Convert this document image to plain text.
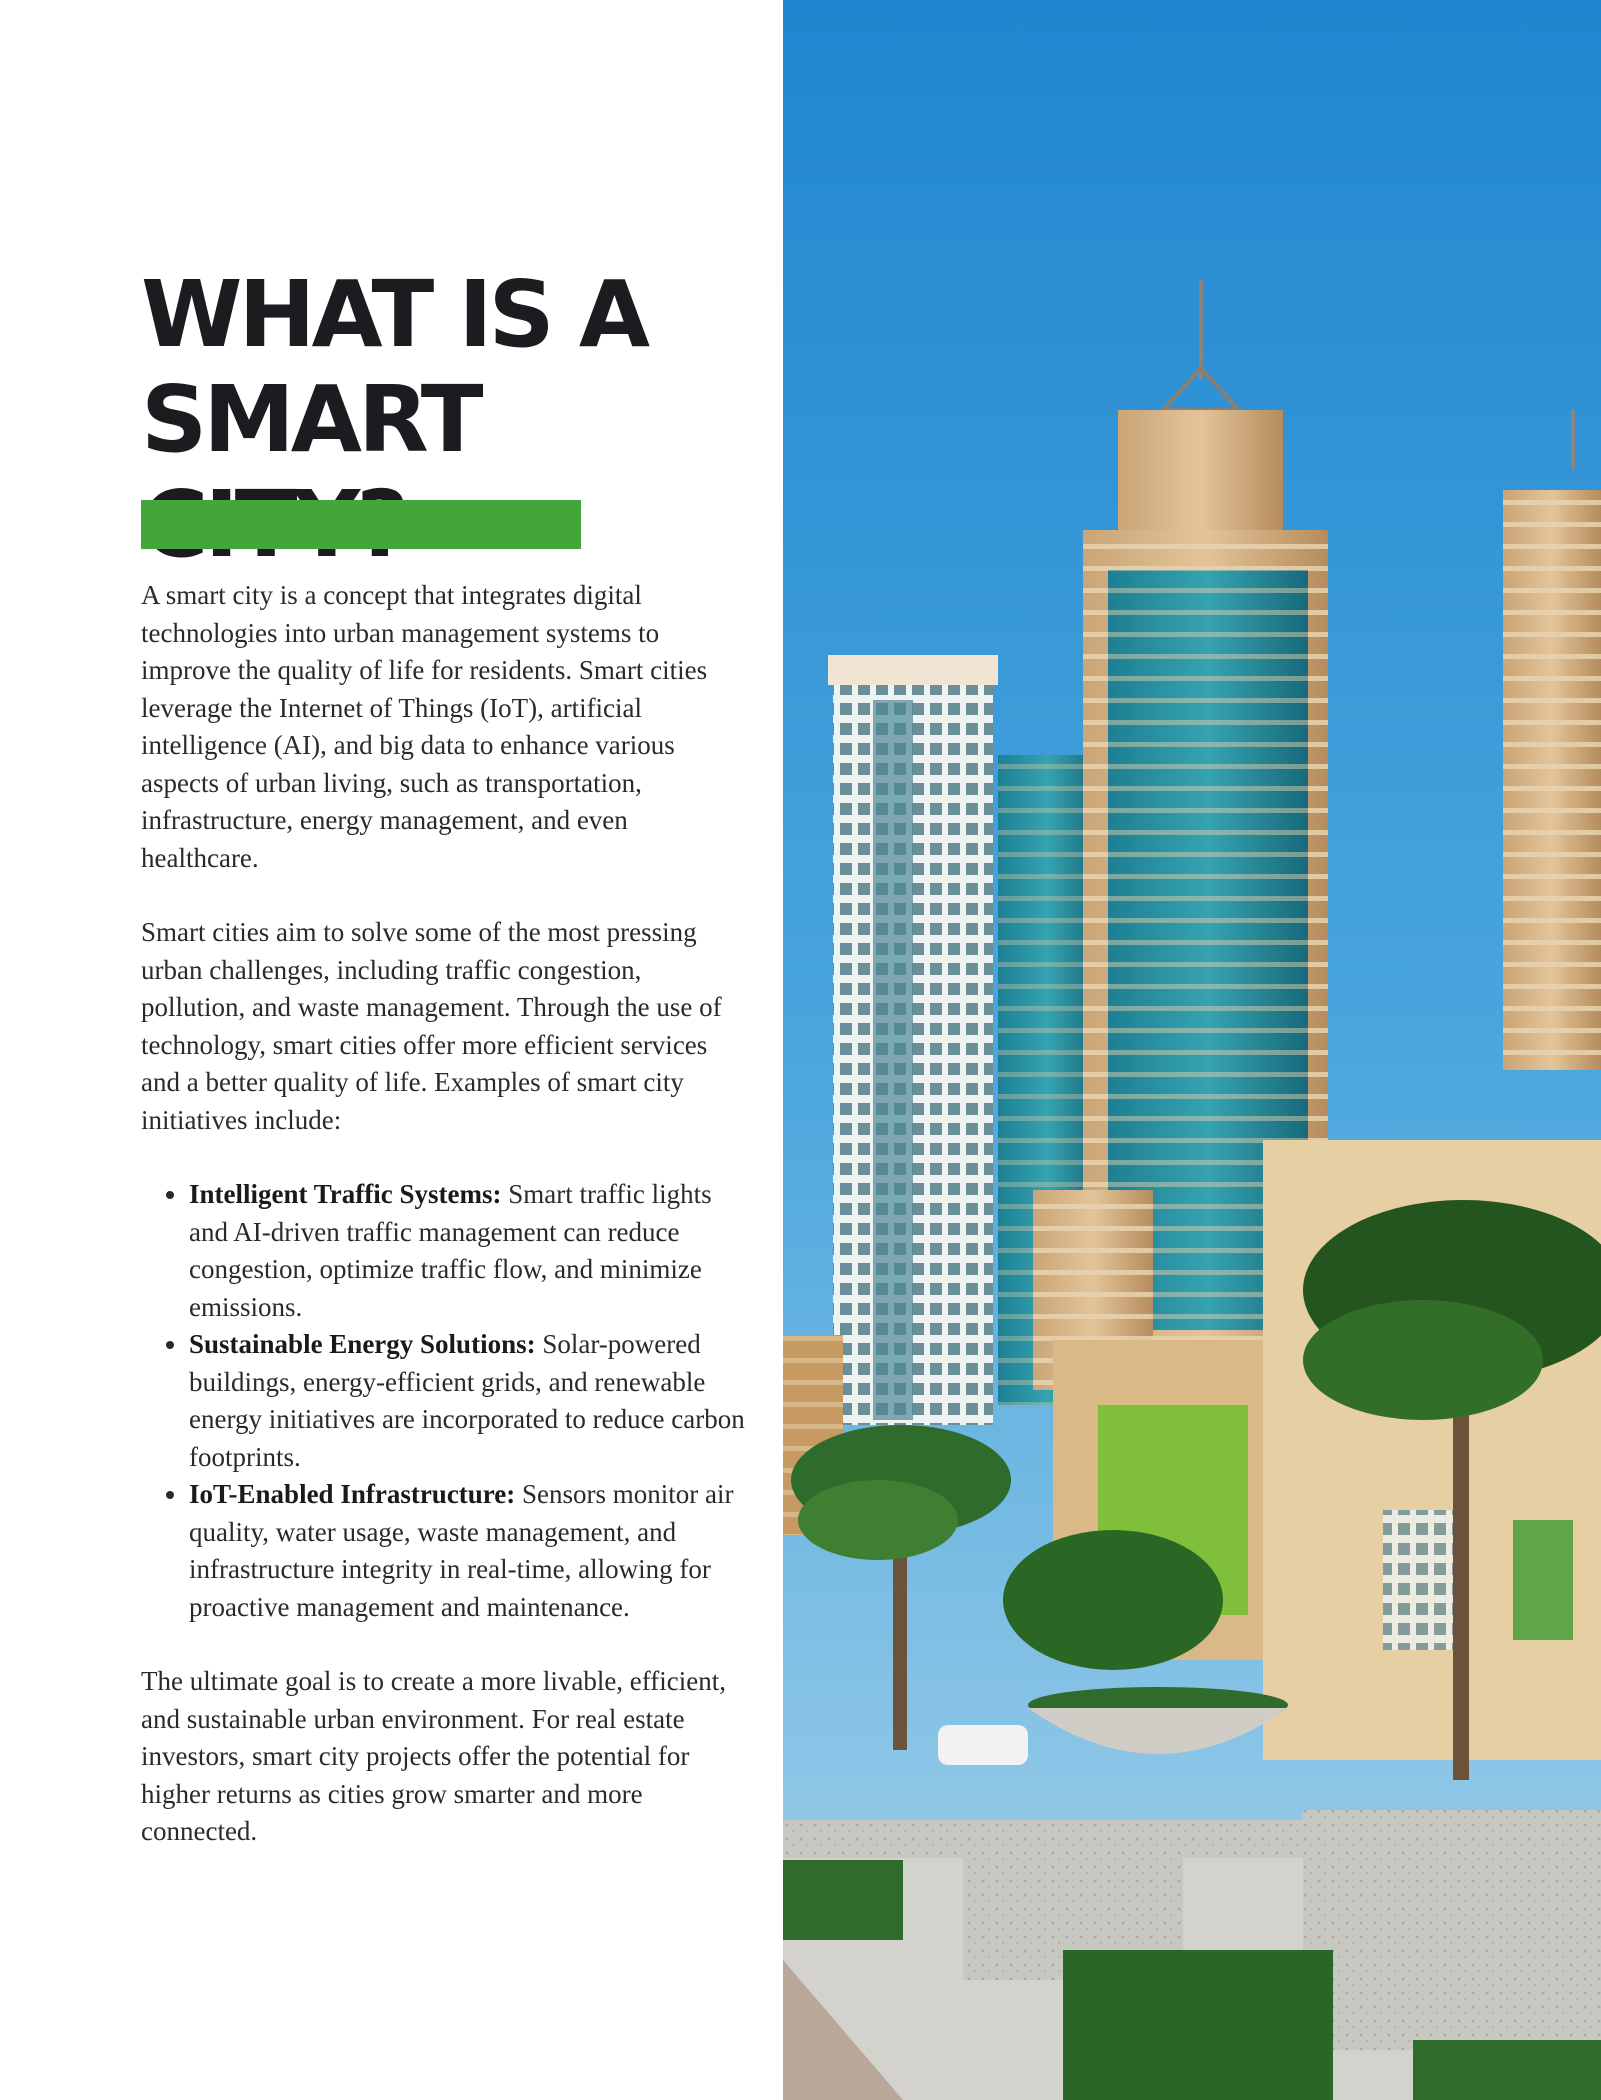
WHAT IS A
SMART

A smart city is a concept that integrates digital technologies into urban management systems to improve the quality of life for residents. Smart cities leverage the Internet of Things (IoT), artificial intelligence (AI), and big data to enhance various aspects of urban living, such as transportation, infrastructure, energy management, and even healthcare.

Smart cities aim to solve some of the most pressing urban challenges, including traffic congestion, pollution, and waste management. Through the use of technology, smart cities offer more efficient services and a better quality of life. Examples of smart city initiatives include:

• Intelligent Traffic Systems: Smart traffic lights and AI-driven traffic management can reduce congestion, optimize traffic flow, and minimize emissions.
• Sustainable Energy Solutions: Solar-powered buildings, energy-efficient grids, and renewable energy initiatives are incorporated to reduce carbon footprints.
• IoT-Enabled Infrastructure: Sensors monitor air quality, water usage, waste management, and infrastructure integrity in real-time, allowing for proactive management and maintenance.

The ultimate goal is to create a more livable, efficient, and sustainable urban environment. For real estate investors, smart city projects offer the potential for higher returns as cities grow smarter and more connected.
